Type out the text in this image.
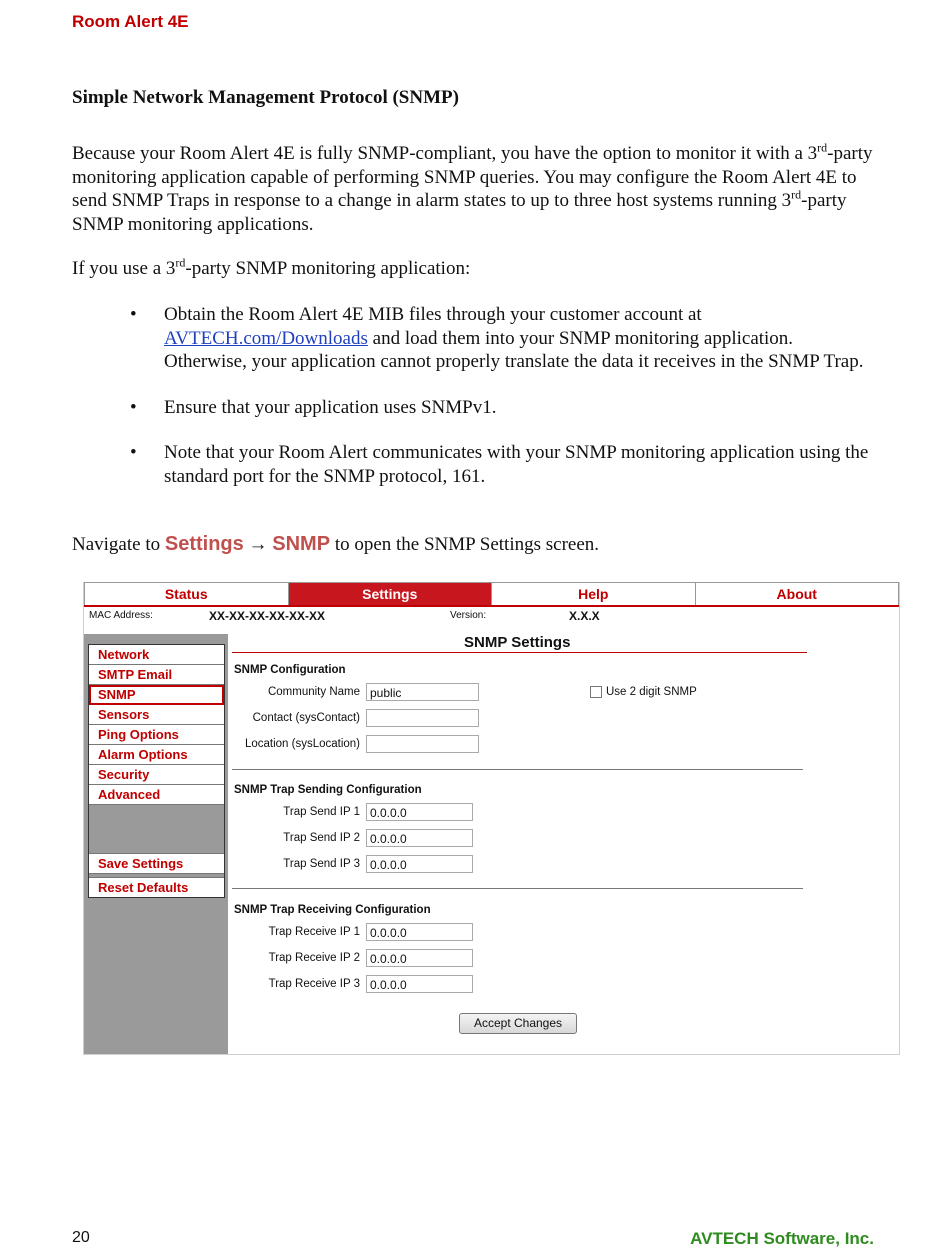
Room Alert 4E
Simple Network Management Protocol (SNMP)
Because your Room Alert 4E is fully SNMP-compliant, you have the option to monitor it with a 3rd-party monitoring application capable of performing SNMP queries. You may configure the Room Alert 4E to send SNMP Traps in response to a change in alarm states to up to three host systems running 3rd-party SNMP monitoring applications.
If you use a 3rd-party SNMP monitoring application:
• Obtain the Room Alert 4E MIB files through your customer account at
AVTECH.com/Downloads and load them into your SNMP monitoring application. Otherwise, your application cannot properly translate the data it receives in the SNMP Trap.
• Ensure that your application uses SNMPv1.
• Note that your Room Alert communicates with your SNMP monitoring application using the standard port for the SNMP protocol, 161.
Navigate to Settings → SNMP to open the SNMP Settings screen.
Status	Settings	Help	About
MAC Address:	XX-XX-XX-XX-XX-XX	Version:	X.X.X
Network
SMTP Email
SNMP
Sensors
Ping Options
Alarm Options
Security
Advanced
Save Settings
Reset Defaults
SNMP Settings
SNMP Configuration
Community Name public
Contact (sysContact)
Location (sysLocation)
Use 2 digit SNMP
SNMP Trap Sending Configuration
Trap Send IP 1 0.0.0.0
Trap Send IP 2 0.0.0.0
Trap Send IP 3 0.0.0.0
SNMP Trap Receiving Configuration
Trap Receive IP 1 0.0.0.0
Trap Receive IP 2 0.0.0.0
Trap Receive IP 3 0.0.0.0
Accept Changes
20	AVTECH Software, Inc.
